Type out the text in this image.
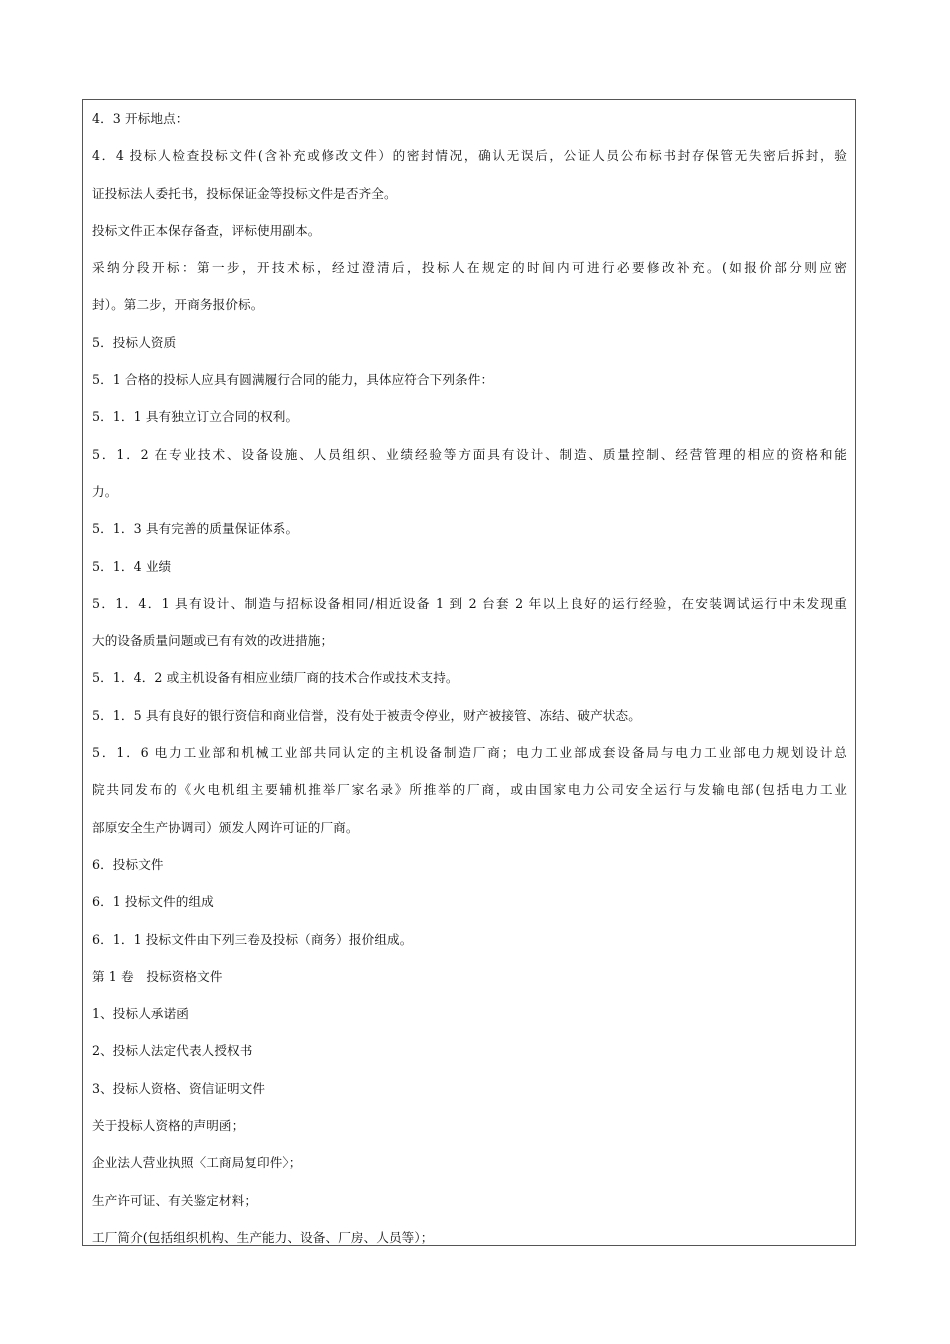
4．3 开标地点：
4．4 投标人检查投标文件(含补充或修改文件）的密封情况，确认无误后，公证人员公布标书封存保管无失密后拆封，验
证投标法人委托书，投标保证金等投标文件是否齐全。
投标文件正本保存备查，评标使用副本。
采纳分段开标：第一步，开技术标，经过澄清后，投标人在规定的时间内可进行必要修改补充。(如报价部分则应密
封）。第二步，开商务报价标。
5．投标人资质
5．1 合格的投标人应具有圆满履行合同的能力，具体应符合下列条件：
5．1．1 具有独立订立合同的权利。
5．1．2 在专业技术、设备设施、人员组织、业绩经验等方面具有设计、制造、质量控制、经营管理的相应的资格和能
力。
5．1．3 具有完善的质量保证体系。
5．1．4 业绩
5．1．4．1 具有设计、制造与招标设备相同/相近设备 1 到 2 台套 2 年以上良好的运行经验，在安装调试运行中未发现重
大的设备质量问题或已有有效的改进措施；
5．1．4．2 或主机设备有相应业绩厂商的技术合作或技术支持。
5．1．5 具有良好的银行资信和商业信誉，没有处于被责令停业，财产被接管、冻结、破产状态。
5．1．6 电力工业部和机械工业部共同认定的主机设备制造厂商；电力工业部成套设备局与电力工业部电力规划设计总
院共同发布的《火电机组主要辅机推举厂家名录》所推举的厂商，或由国家电力公司安全运行与发输电部(包括电力工业
部原安全生产协调司）颁发人网许可证的厂商。
6．投标文件
6．1 投标文件的组成
6．1．1 投标文件由下列三卷及投标（商务）报价组成。
第 1 卷　投标资格文件
1、投标人承诺函
2、投标人法定代表人授权书
3、投标人资格、资信证明文件
关于投标人资格的声明函；
企业法人营业执照〈工商局复印件〉；
生产许可证、有关鉴定材料；
工厂简介(包括组织机构、生产能力、设备、厂房、人员等）；
